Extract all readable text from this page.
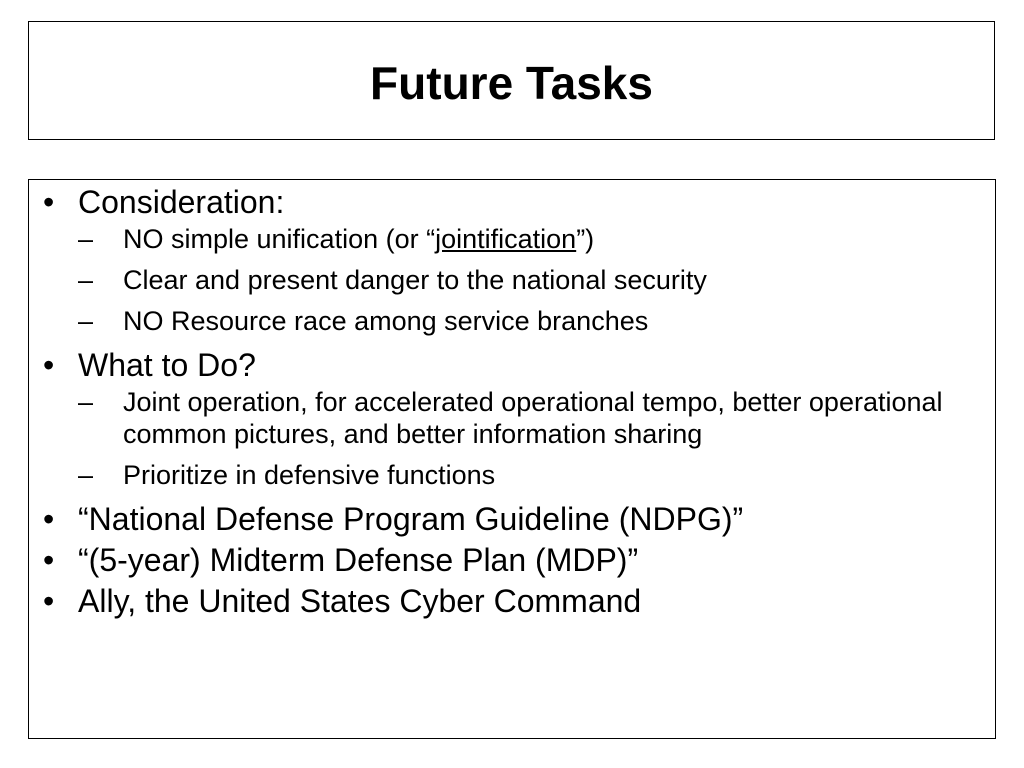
Future Tasks
• Consideration:
– NO simple unification (or “jointification”)
– Clear and present danger to the national security
– NO Resource race among service branches
• What to Do?
– Joint operation, for accelerated operational tempo, better operational common pictures, and better information sharing
– Prioritize in defensive functions
• “National Defense Program Guideline (NDPG)”
• “(5-year) Midterm Defense Plan (MDP)”
• Ally, the United States Cyber Command
